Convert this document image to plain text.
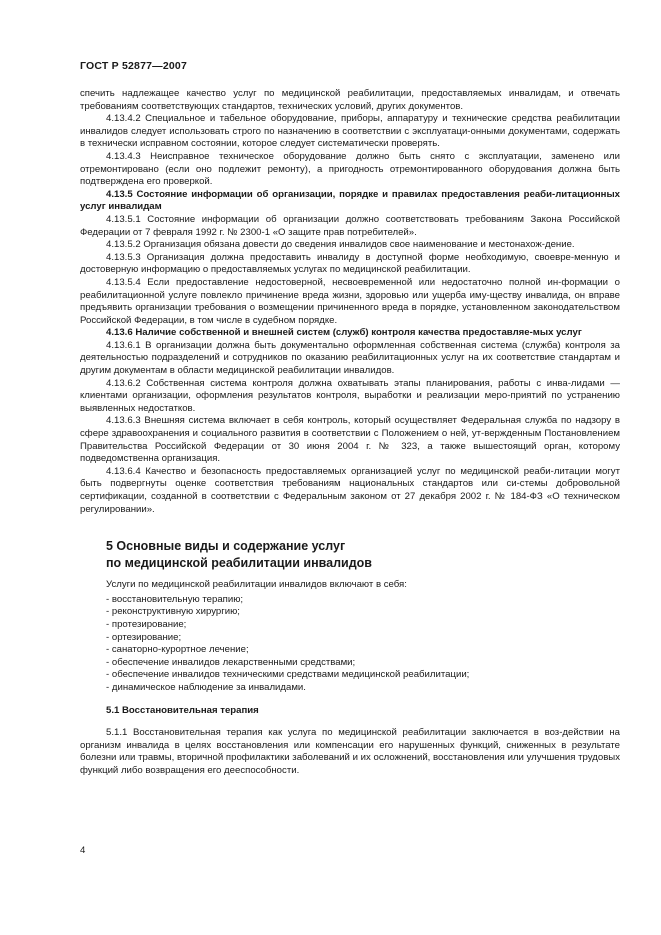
ГОСТ Р 52877—2007

спечить надлежащее качество услуг по медицинской реабилитации, предоставляемых инвалидам, и отвечать требованиям соответствующих стандартов, технических условий, других документов.

4.13.4.2 Специальное и табельное оборудование, приборы, аппаратуру и технические средства реабилитации инвалидов следует использовать строго по назначению в соответствии с эксплуатаци-онными документами, содержать в технически исправном состоянии, которое следует систематически проверять.

4.13.4.3 Неисправное техническое оборудование должно быть снято с эксплуатации, заменено или отремонтировано (если оно подлежит ремонту), а пригодность отремонтированного оборудования должна быть подтверждена его проверкой.

4.13.5 Состояние информации об организации, порядке и правилах предоставления реаби-литационных услуг инвалидам

4.13.5.1 Состояние информации об организации должно соответствовать требованиям Закона Российской Федерации от 7 февраля 1992 г. № 2300-1 «О защите прав потребителей».

4.13.5.2 Организация обязана довести до сведения инвалидов свое наименование и местонахож-дение.

4.13.5.3 Организация должна предоставить инвалиду в доступной форме необходимую, своевре-менную и достоверную информацию о предоставляемых услугах по медицинской реабилитации.

4.13.5.4 Если предоставление недостоверной, несвоевременной или недостаточно полной ин-формации о реабилитационной услуге повлекло причинение вреда жизни, здоровью или ущерба иму-ществу инвалида, он вправе предъявить организации требования о возмещении причиненного вреда в порядке, установленном законодательством Российской Федерации, в том числе в судебном порядке.

4.13.6 Наличие собственной и внешней систем (служб) контроля качества предоставляе-мых услуг

4.13.6.1 В организации должна быть документально оформленная собственная система (служба) контроля за деятельностью подразделений и сотрудников по оказанию реабилитационных услуг на их соответствие стандартам и другим документам в области медицинской реабилитации инвалидов.

4.13.6.2 Собственная система контроля должна охватывать этапы планирования, работы с инва-лидами — клиентами организации, оформления результатов контроля, выработки и реализации меро-приятий по устранению выявленных недостатков.

4.13.6.3 Внешняя система включает в себя контроль, который осуществляет Федеральная служба по надзору в сфере здравоохранения и социального развития в соответствии с Положением о ней, ут-вержденным Постановлением Правительства Российской Федерации от 30 июня 2004 г. № 323, а также вышестоящий орган, которому подведомственна организация.

4.13.6.4 Качество и безопасность предоставляемых организацией услуг по медицинской реаби-литации могут быть подвергнуты оценке соответствия требованиям национальных стандартов или си-стемы добровольной сертификации, созданной в соответствии с Федеральным законом от 27 декабря 2002 г. № 184-ФЗ «О техническом регулировании».

5 Основные виды и содержание услуг
по медицинской реабилитации инвалидов

Услуги по медицинской реабилитации инвалидов включают в себя:

- восстановительную терапию;
- реконструктивную хирургию;
- протезирование;
- ортезирование;
- санаторно-курортное лечение;
- обеспечение инвалидов лекарственными средствами;
- обеспечение инвалидов техническими средствами медицинской реабилитации;
- динамическое наблюдение за инвалидами.
5.1 Восстановительная терапия

5.1.1 Восстановительная терапия как услуга по медицинской реабилитации заключается в воз-действии на организм инвалида в целях восстановления или компенсации его нарушенных функций, сниженных в результате болезни или травмы, вторичной профилактики заболеваний и их осложнений, восстановления или улучшения трудовых функций либо возвращения его дееспособности.

4
